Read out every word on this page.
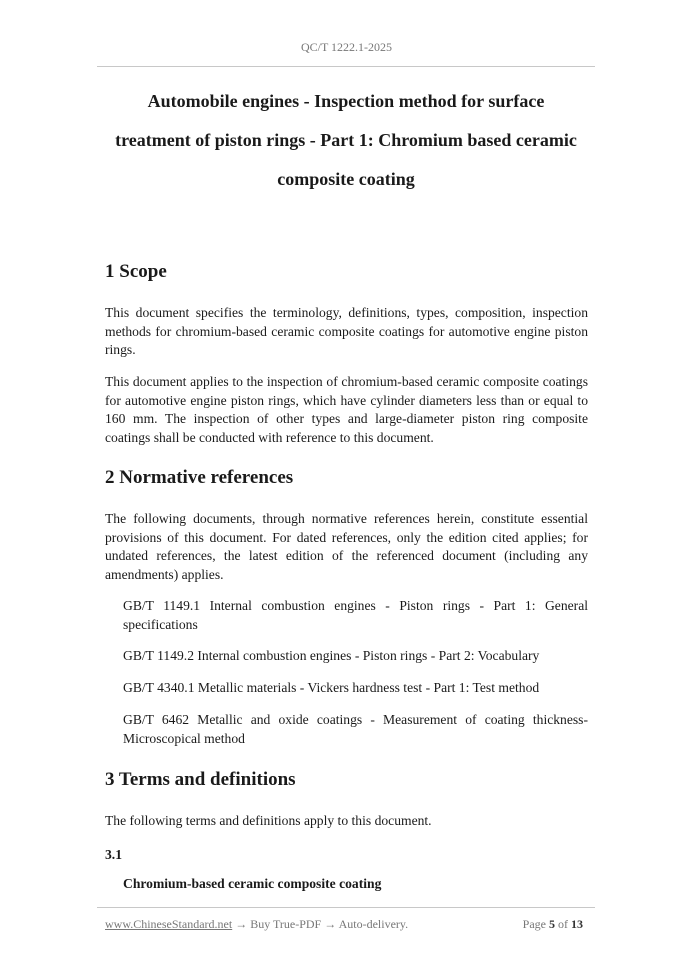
QC/T 1222.1-2025
Automobile engines - Inspection method for surface
treatment of piston rings - Part 1: Chromium based ceramic
composite coating
1 Scope

This document specifies the terminology, definitions, types, composition, inspection methods for chromium-based ceramic composite coatings for automotive engine piston rings.

This document applies to the inspection of chromium-based ceramic composite coatings for automotive engine piston rings, which have cylinder diameters less than or equal to 160 mm. The inspection of other types and large-diameter piston ring composite coatings shall be conducted with reference to this document.

2 Normative references

The following documents, through normative references herein, constitute essential provisions of this document. For dated references, only the edition cited applies; for undated references, the latest edition of the referenced document (including any amendments) applies.

GB/T 1149.1 Internal combustion engines - Piston rings - Part 1: General specifications

GB/T 1149.2 Internal combustion engines - Piston rings - Part 2: Vocabulary

GB/T 4340.1 Metallic materials - Vickers hardness test - Part 1: Test method

GB/T 6462 Metallic and oxide coatings - Measurement of coating thickness-Microscopical method

3 Terms and definitions

The following terms and definitions apply to this document.

3.1

Chromium-based ceramic composite coating

www.ChineseStandard.net → Buy True-PDF → Auto-delivery.	Page 5 of 13
